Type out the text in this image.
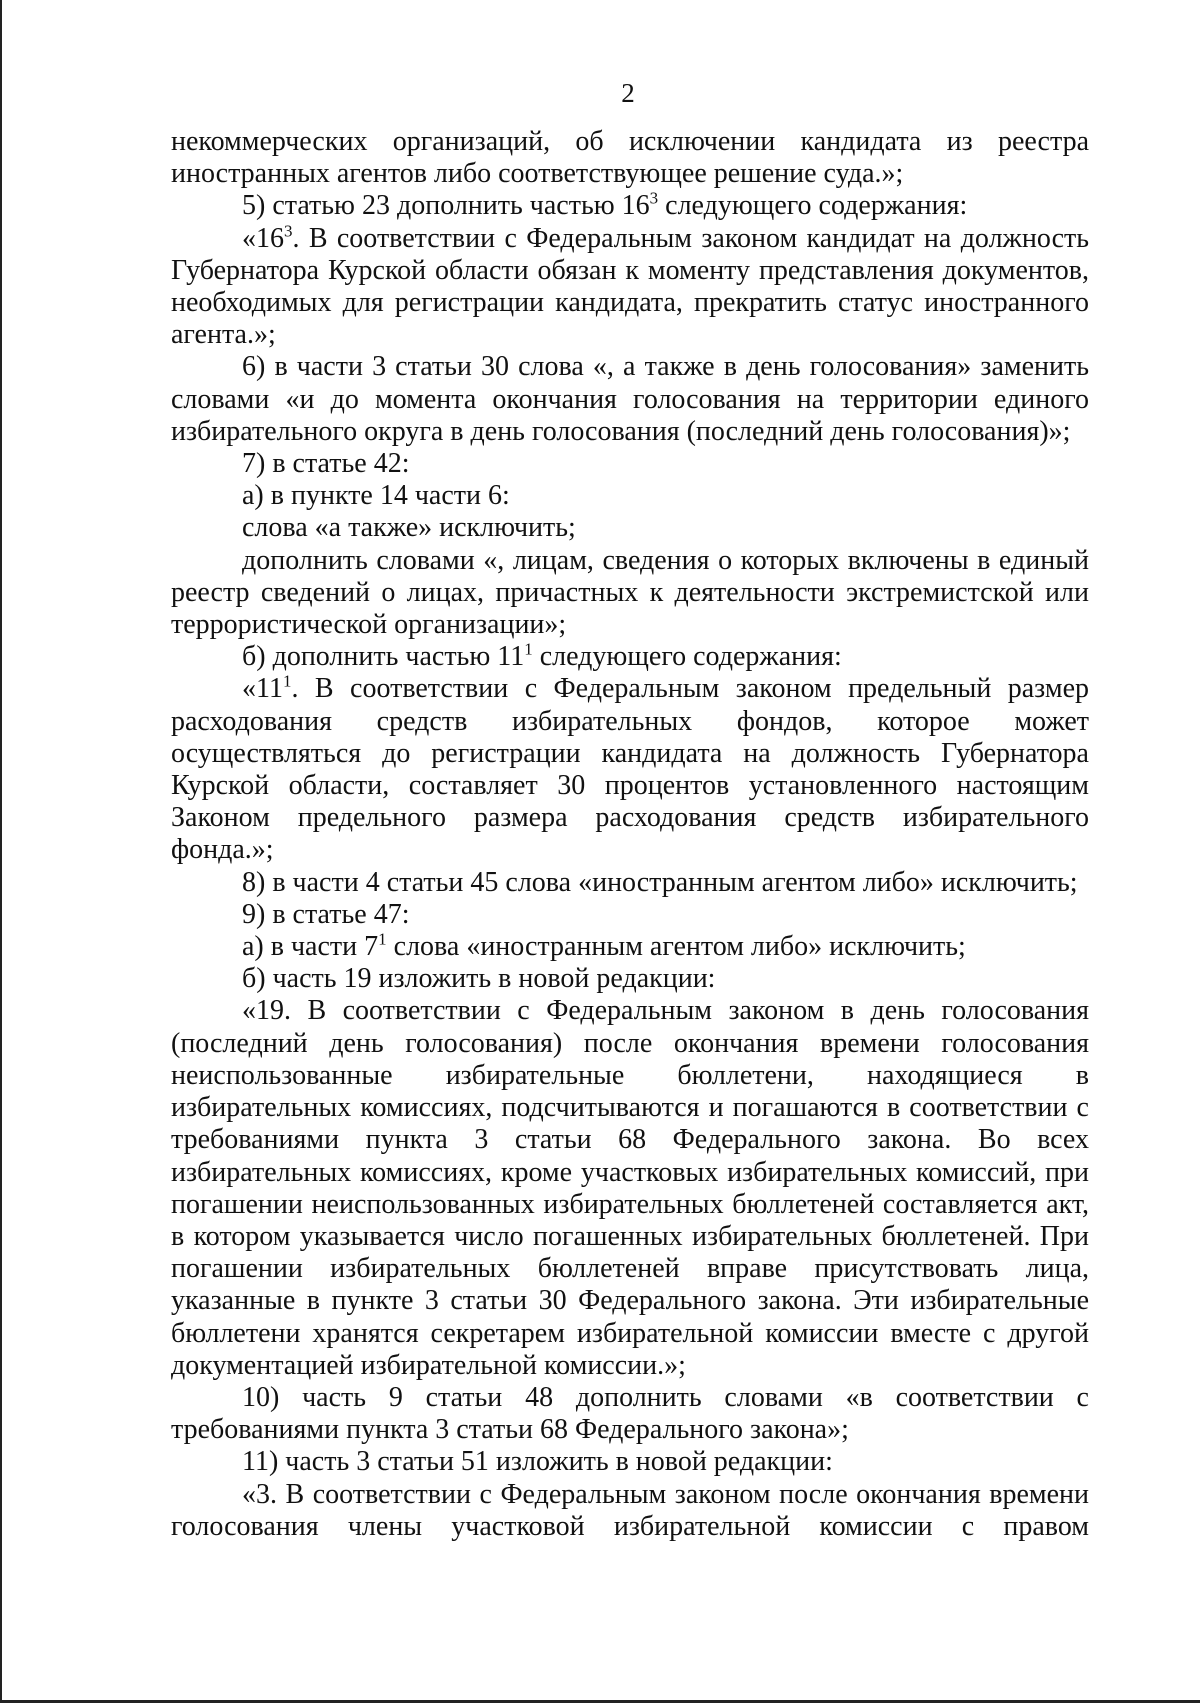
2

некоммерческих организаций, об исключении кандидата из реестра иностранных агентов либо соответствующее решение суда.»;

5) статью 23 дополнить частью $16^3$ следующего содержания:

«$16^3$. В соответствии с Федеральным законом кандидат на должность Губернатора Курской области обязан к моменту представления документов, необходимых для регистрации кандидата, прекратить статус иностранного агента.»;

6) в части 3 статьи 30 слова «, а также в день голосования» заменить словами «и до момента окончания голосования на территории единого избирательного округа в день голосования (последний день голосования)»;

7) в статье 42:

а) в пункте 14 части 6:

слова «а также» исключить;

дополнить словами «, лицам, сведения о которых включены в единый реестр сведений о лицах, причастных к деятельности экстремистской или террористической организации»;

б) дополнить частью $11^1$ следующего содержания:

«$11^1$. В соответствии с Федеральным законом предельный размер расходования средств избирательных фондов, которое может осуществляться до регистрации кандидата на должность Губернатора Курской области, составляет 30 процентов установленного настоящим Законом предельного размера расходования средств избирательного фонда.»;

8) в части 4 статьи 45 слова «иностранным агентом либо» исключить;

9) в статье 47:

а) в части $7^1$ слова «иностранным агентом либо» исключить;

б) часть 19 изложить в новой редакции:

«19. В соответствии с Федеральным законом в день голосования (последний день голосования) после окончания времени голосования неиспользованные избирательные бюллетени, находящиеся в избирательных комиссиях, подсчитываются и погашаются в соответствии с требованиями пункта 3 статьи 68 Федерального закона. Во всех избирательных комиссиях, кроме участковых избирательных комиссий, при погашении неиспользованных избирательных бюллетеней составляется акт, в котором указывается число погашенных избирательных бюллетеней. При погашении избирательных бюллетеней вправе присутствовать лица, указанные в пункте 3 статьи 30 Федерального закона. Эти избирательные бюллетени хранятся секретарем избирательной комиссии вместе с другой документацией избирательной комиссии.»;

10) часть 9 статьи 48 дополнить словами «в соответствии с требованиями пункта 3 статьи 68 Федерального закона»;

11) часть 3 статьи 51 изложить в новой редакции:

«3. В соответствии с Федеральным законом после окончания времени голосования члены участковой избирательной комиссии с правом
